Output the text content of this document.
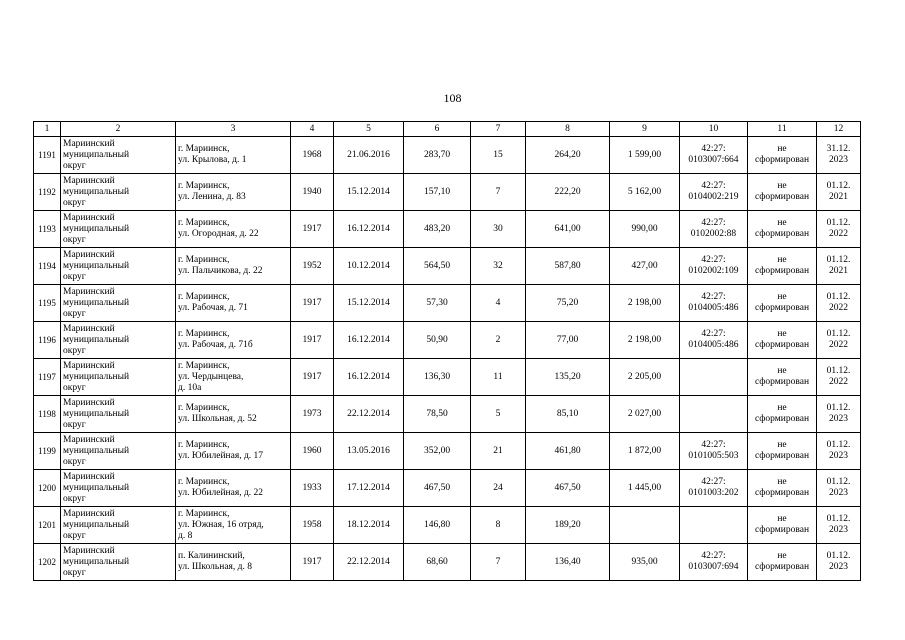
108
1	2	3	4	5	6	7	8	9	10	11	12
1191	Мариинский
муниципальный
округ	г. Мариинск,
ул. Крылова, д. 1	1968	21.06.2016	283,70	15	264,20	1 599,00	42:27:
0103007:664	не
сформирован	31.12.
2023
1192	Мариинский
муниципальный
округ	г. Мариинск,
ул. Ленина, д. 83	1940	15.12.2014	157,10	7	222,20	5 162,00	42:27:
0104002:219	не
сформирован	01.12.
2021
1193	Мариинский
муниципальный
округ	г. Мариинск,
ул. Огородная, д. 22	1917	16.12.2014	483,20	30	641,00	990,00	42:27:
0102002:88	не
сформирован	01.12.
2022
1194	Мариинский
муниципальный
округ	г. Мариинск,
ул. Пальчикова, д. 22	1952	10.12.2014	564,50	32	587,80	427,00	42:27:
0102002:109	не
сформирован	01.12.
2021
1195	Мариинский
муниципальный
округ	г. Мариинск,
ул. Рабочая, д. 71	1917	15.12.2014	57,30	4	75,20	2 198,00	42:27:
0104005:486	не
сформирован	01.12.
2022
1196	Мариинский
муниципальный
округ	г. Мариинск,
ул. Рабочая, д. 71б	1917	16.12.2014	50,90	2	77,00	2 198,00	42:27:
0104005:486	не
сформирован	01.12.
2022
1197	Мариинский
муниципальный
округ	г. Мариинск,
ул. Чердынцева,
д. 10а	1917	16.12.2014	136,30	11	135,20	2 205,00		не
сформирован	01.12.
2022
1198	Мариинский
муниципальный
округ	г. Мариинск,
ул. Школьная, д. 52	1973	22.12.2014	78,50	5	85,10	2 027,00		не
сформирован	01.12.
2023
1199	Мариинский
муниципальный
округ	г. Мариинск,
ул. Юбилейная, д. 17	1960	13.05.2016	352,00	21	461,80	1 872,00	42:27:
0101005:503	не
сформирован	01.12.
2023
1200	Мариинский
муниципальный
округ	г. Мариинск,
ул. Юбилейная, д. 22	1933	17.12.2014	467,50	24	467,50	1 445,00	42:27:
0101003:202	не
сформирован	01.12.
2023
1201	Мариинский
муниципальный
округ	г. Мариинск,
ул. Южная, 16 отряд,
д. 8	1958	18.12.2014	146,80	8	189,20			не
сформирован	01.12.
2023
1202	Мариинский
муниципальный
округ	п. Калининский,
ул. Школьная, д. 8	1917	22.12.2014	68,60	7	136,40	935,00	42:27:
0103007:694	не
сформирован	01.12.
2023
